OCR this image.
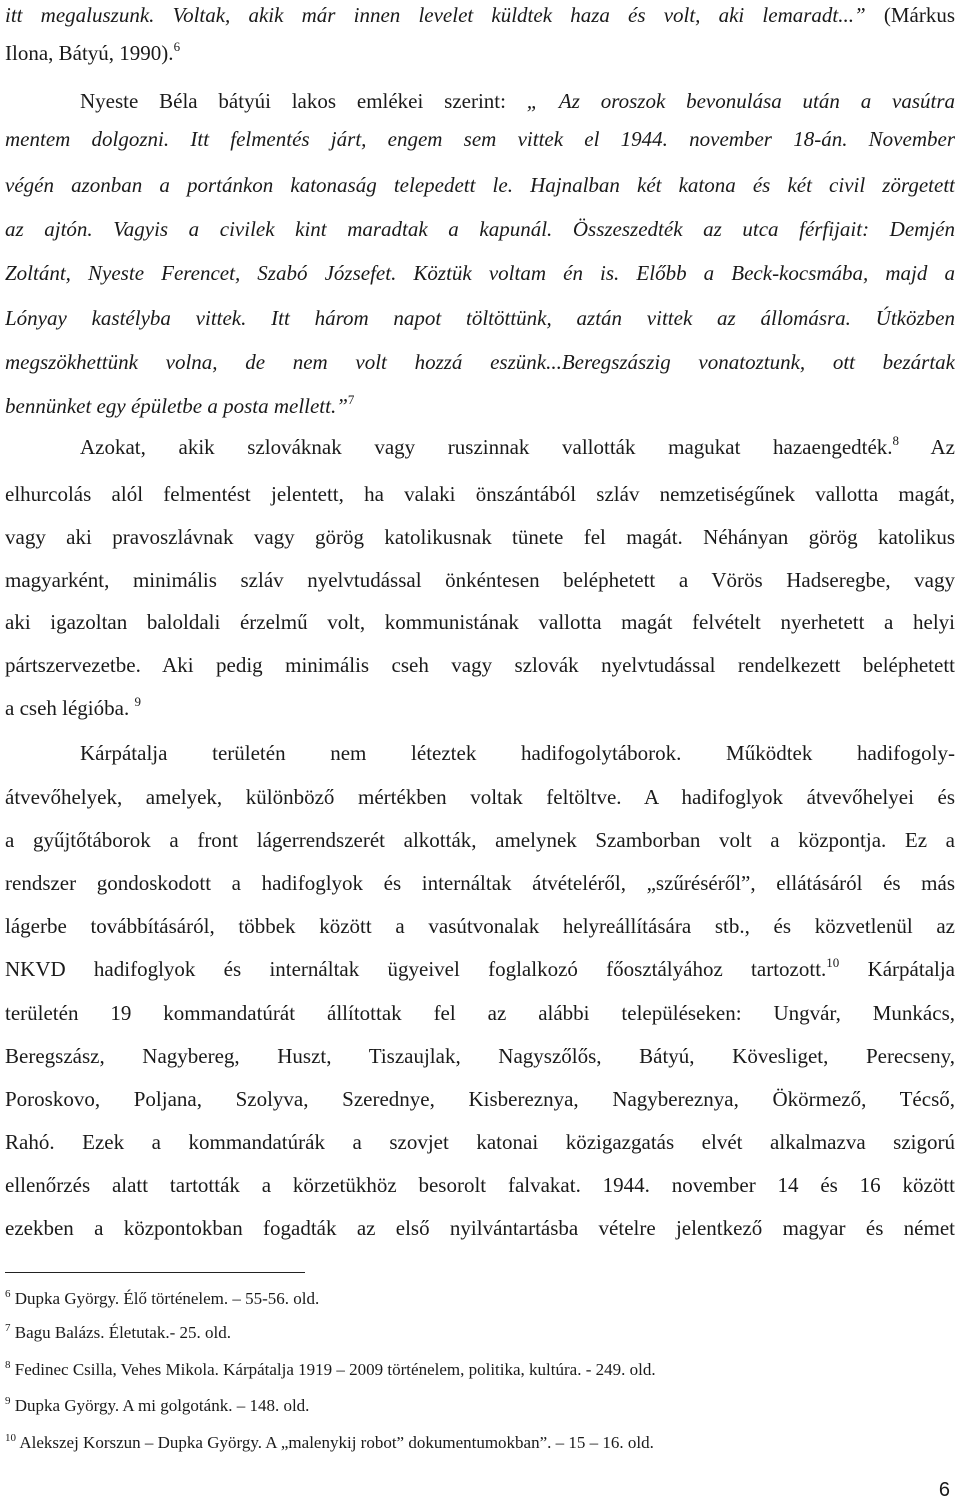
itt megaluszunk. Voltak, akik már innen levelet küldtek haza és volt, aki lemaradt...” (Márkus
Ilona, Bátyú, 1990).$^6$
Nyeste Béla bátyúi lakos emlékei szerint: „ Az oroszok bevonulása után a vasútra
mentem dolgozni. Itt felmentés járt, engem sem vittek el 1944. november 18-án. November
végén azonban a portánkon katonaság telepedett le. Hajnalban két katona és két civil zörgetett
az ajtón. Vagyis a civilek kint maradtak a kapunál. Összeszedték az utca férfijait: Demjén
Zoltánt, Nyeste Ferencet, Szabó Józsefet. Köztük voltam én is. Előbb a Beck-kocsmába, majd a
Lónyay kastélyba vittek. Itt három napot töltöttünk, aztán vittek az állomásra. Útközben
megszökhettünk volna, de nem volt hozzá eszünk...Beregszászig vonatoztunk, ott bezártak
bennünket egy épületbe a posta mellett.”$^7$
Azokat, akik szlováknak vagy ruszinnak vallották magukat hazaengedték.$^8$ Az
elhurcolás alól felmentést jelentett, ha valaki önszántából szláv nemzetiségűnek vallotta magát,
vagy aki pravoszlávnak vagy görög katolikusnak tünete fel magát. Néhányan görög katolikus
magyarként, minimális szláv nyelvtudással önkéntesen beléphetett a Vörös Hadseregbe, vagy
aki igazoltan baloldali érzelmű volt, kommunistának vallotta magát felvételt nyerhetett a helyi
pártszervezetbe. Aki pedig minimális cseh vagy szlovák nyelvtudással rendelkezett beléphetett
a cseh légióba. $^9$
Kárpátalja területén nem léteztek hadifogolytáborok. Működtek hadifogoly-
átvevőhelyek, amelyek, különböző mértékben voltak feltöltve. A hadifoglyok átvevőhelyei és
a gyűjtőtáborok a front lágerrendszerét alkották, amelynek Szamborban volt a központja. Ez a
rendszer gondoskodott a hadifoglyok és internáltak átvételéről, „szűréséről”, ellátásáról és más
lágerbe továbbításáról, többek között a vasútvonalak helyreállítására stb., és közvetlenül az
NKVD hadifoglyok és internáltak ügyeivel foglalkozó főosztályához tartozott.$^{10}$ Kárpátalja
területén 19 kommandatúrát állítottak fel az alábbi településeken: Ungvár, Munkács,
Beregszász, Nagybereg, Huszt, Tiszaujlak, Nagyszőlős, Bátyú, Kövesliget, Perecseny,
Poroskovo, Poljana, Szolyva, Szerednye, Kisbereznya, Nagybereznya, Ökörmező, Técső,
Rahó. Ezek a kommandatúrák a szovjet katonai közigazgatás elvét alkalmazva szigorú
ellenőrzés alatt tartották a körzetükhöz besorolt falvakat. 1944. november 14 és 16 között
ezekben a központokban fogadták az első nyilvántartásba vételre jelentkező magyar és német
$^6$ Dupka György. Élő történelem. – 55-56. old.
$^7$ Bagu Balázs. Életutak.- 25. old.
$^8$ Fedinec Csilla, Vehes Mikola. Kárpátalja 1919 – 2009 történelem, politika, kultúra. - 249. old.
$^9$ Dupka György. A mi golgotánk. – 148. old.
$^{10}$ Alekszej Korszun – Dupka György. A „malenykij robot” dokumentumokban”. – 15 – 16. old.
6
